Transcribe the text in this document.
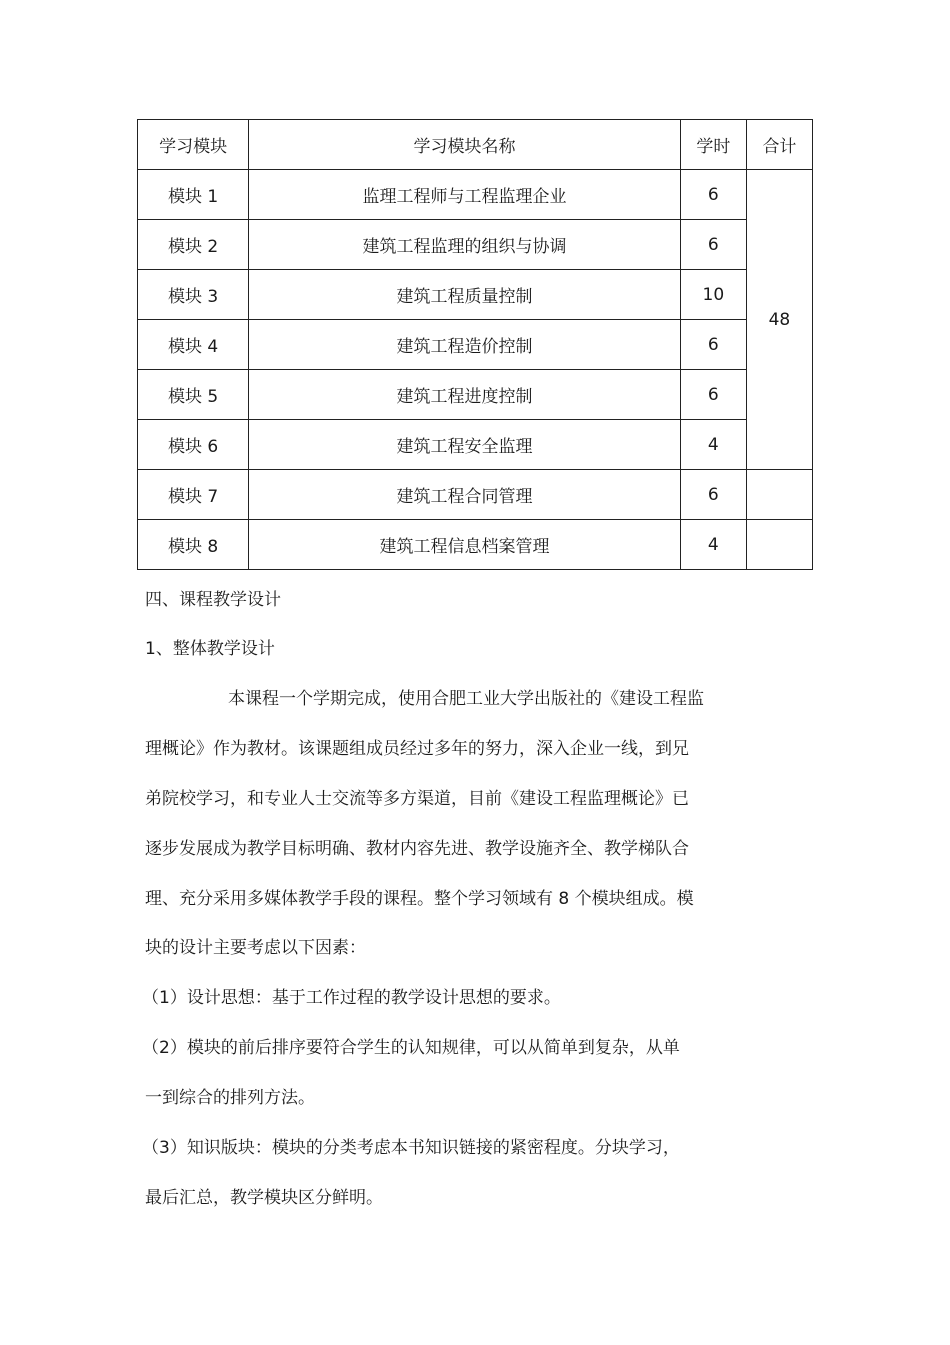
学习模块	学习模块名称	学时	合计
模块 1	监理工程师与工程监理企业	6	48
模块 2	建筑工程监理的组织与协调	6	
模块 3	建筑工程质量控制	10	
模块 4	建筑工程造价控制	6	
模块 5	建筑工程进度控制	6	
模块 6	建筑工程安全监理	4	
模块 7	建筑工程合同管理	6	
模块 8	建筑工程信息档案管理	4	
四、课程教学设计
1、整体教学设计
本课程一个学期完成，使用合肥工业大学出版社的《建设工程监
理概论》作为教材。该课题组成员经过多年的努力，深入企业一线，到兄
弟院校学习，和专业人士交流等多方渠道，目前《建设工程监理概论》已
逐步发展成为教学目标明确、教材内容先进、教学设施齐全、教学梯队合
理、充分采用多媒体教学手段的课程。整个学习领域有 8 个模块组成。模
块的设计主要考虑以下因素：
（1）设计思想：基于工作过程的教学设计思想的要求。
（2）模块的前后排序要符合学生的认知规律，可以从简单到复杂，从单
一到综合的排列方法。
（3）知识版块：模块的分类考虑本书知识链接的紧密程度。分块学习，
最后汇总，教学模块区分鲜明。
